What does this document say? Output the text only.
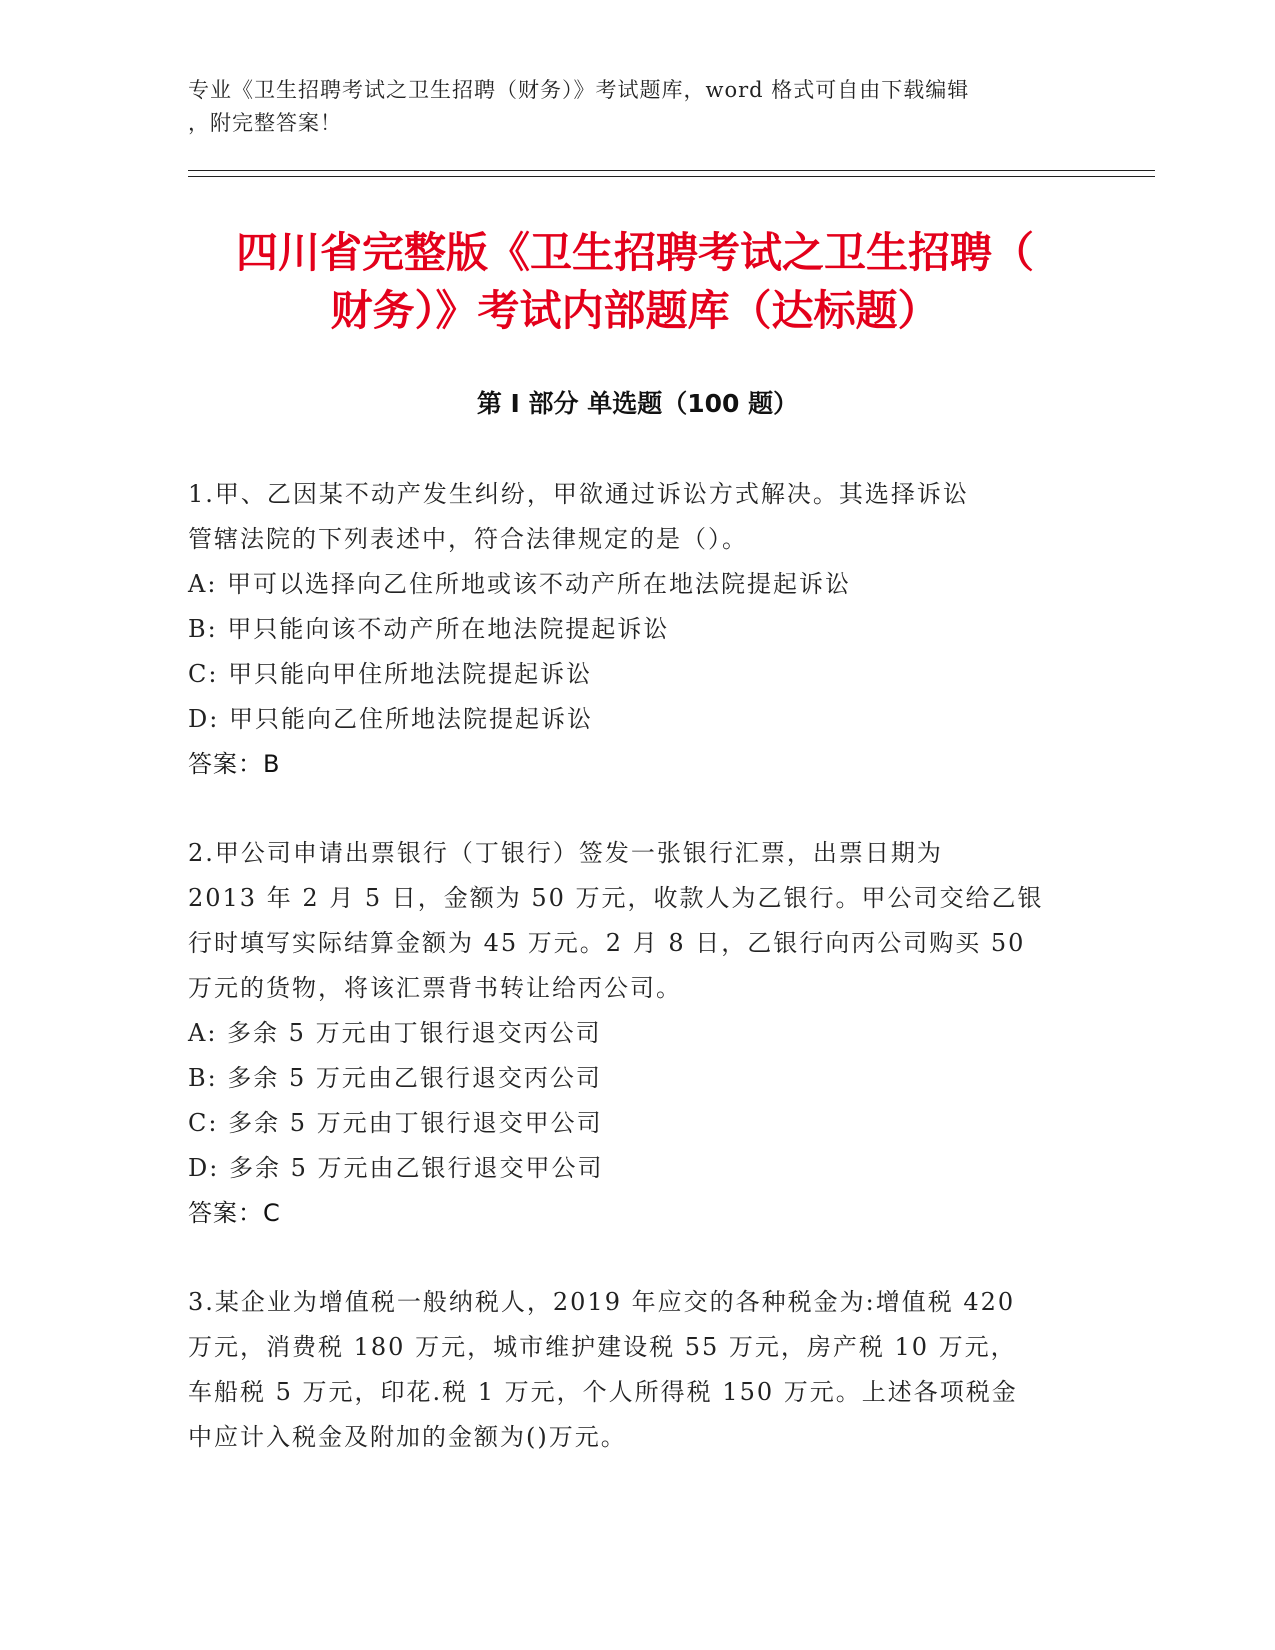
专业《卫生招聘考试之卫生招聘（财务）》考试题库，word 格式可自由下载编辑
，附完整答案！
四川省完整版《卫生招聘考试之卫生招聘（
财务）》考试内部题库（达标题）
第 I 部分 单选题（100 题）
1.甲、乙因某不动产发生纠纷，甲欲通过诉讼方式解决。其选择诉讼
管辖法院的下列表述中，符合法律规定的是（）。
A: 甲可以选择向乙住所地或该不动产所在地法院提起诉讼
B: 甲只能向该不动产所在地法院提起诉讼
C: 甲只能向甲住所地法院提起诉讼
D: 甲只能向乙住所地法院提起诉讼
答案：B
2.甲公司申请出票银行（丁银行）签发一张银行汇票，出票日期为
2013 年 2 月 5 日，金额为 50 万元，收款人为乙银行。甲公司交给乙银
行时填写实际结算金额为 45 万元。2 月 8 日，乙银行向丙公司购买 50
万元的货物，将该汇票背书转让给丙公司。
A: 多余 5 万元由丁银行退交丙公司
B: 多余 5 万元由乙银行退交丙公司
C: 多余 5 万元由丁银行退交甲公司
D: 多余 5 万元由乙银行退交甲公司
答案：C
3.某企业为增值税一般纳税人，2019 年应交的各种税金为:增值税 420
万元，消费税 180 万元，城市维护建设税 55 万元，房产税 10 万元，
车船税 5 万元，印花.税 1 万元，个人所得税 150 万元。上述各项税金
中应计入税金及附加的金额为()万元。
